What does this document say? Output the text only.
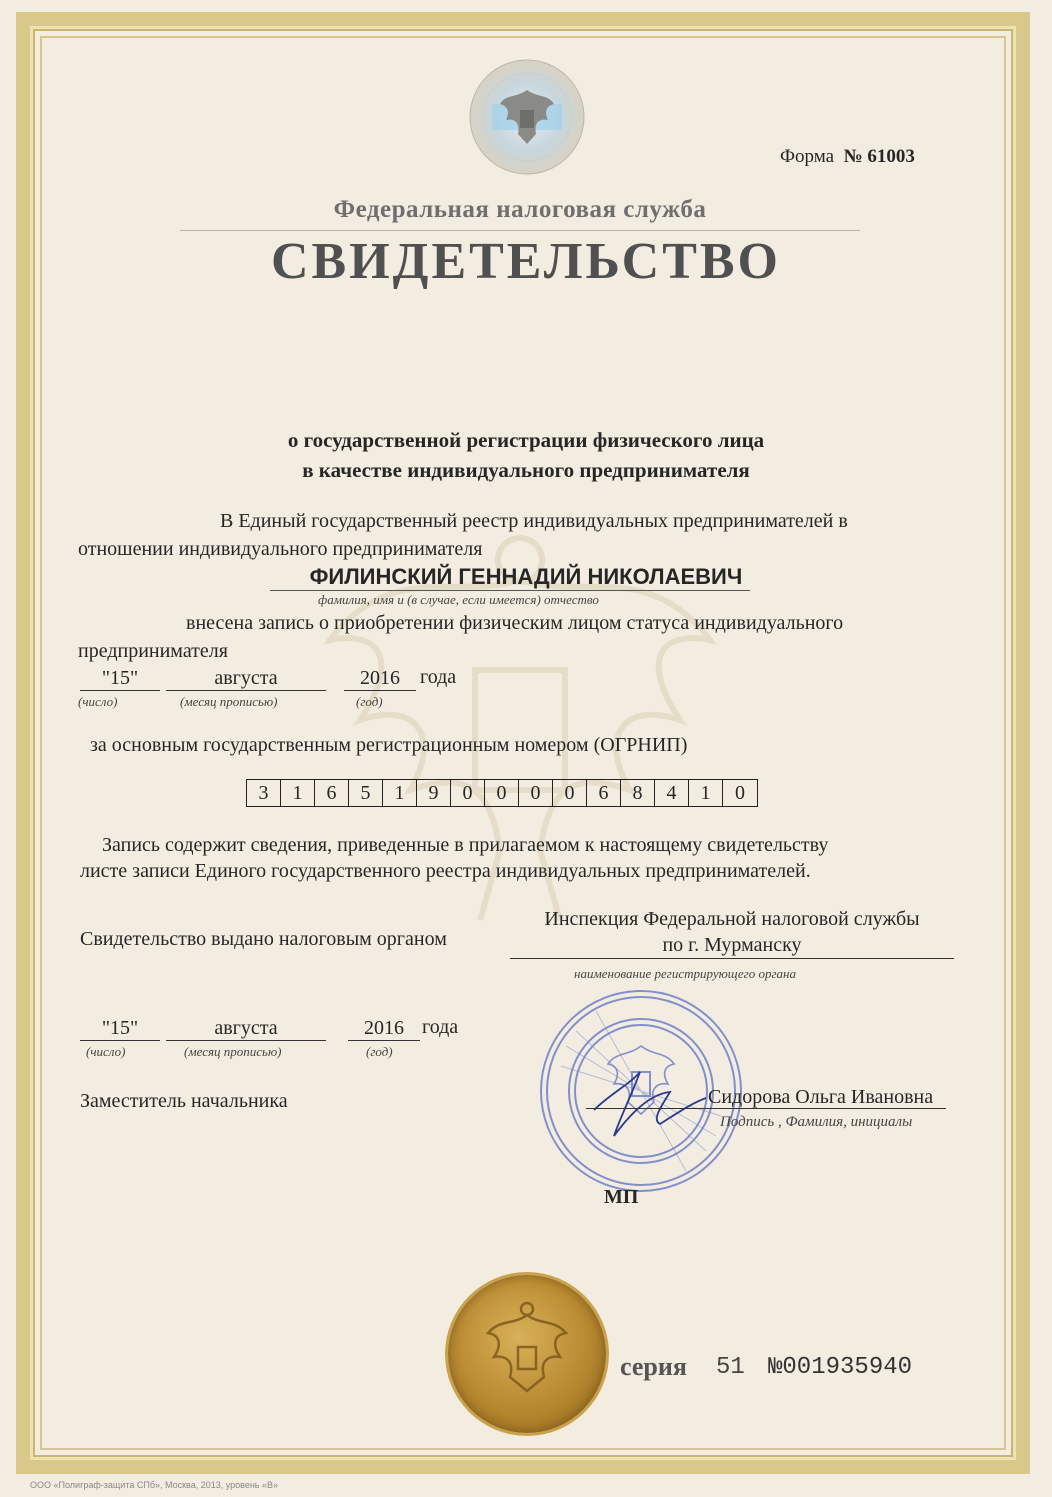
Форма № 61003
Федеральная налоговая служба
СВИДЕТЕЛЬСТВО
о государственной регистрации физического лица
в качестве индивидуального предпринимателя
В Единый государственный реестр индивидуальных предпринимателей в
отношении индивидуального предпринимателя
ФИЛИНСКИЙ ГЕННАДИЙ НИКОЛАЕВИЧ
фамилия, имя и (в случае, если имеется) отчество
внесена запись о приобретении физическим лицом статуса индивидуального
предпринимателя
"15"	августа	2016	года
(число)	(месяц прописью)	(год)
за основным государственным регистрационным номером (ОГРНИП)
3	1	6	5	1	9	0	0	0	0	6	8	4	1	0
Запись содержит сведения, приведенные в прилагаемом к настоящему свидетельству
листе записи Единого государственного реестра индивидуальных предпринимателей.
Свидетельство выдано налоговым органом
Инспекция Федеральной налоговой службы
по г. Мурманску
наименование регистрирующего органа
"15"	августа	2016 года
(число)	(месяц прописью)	(год)
Заместитель начальника	Сидорова Ольга Ивановна
Подпись , Фамилия, инициалы
МП
серия 51 №001935940
ООО «Полиграф-защита СПб», Москва, 2013, уровень «В»
